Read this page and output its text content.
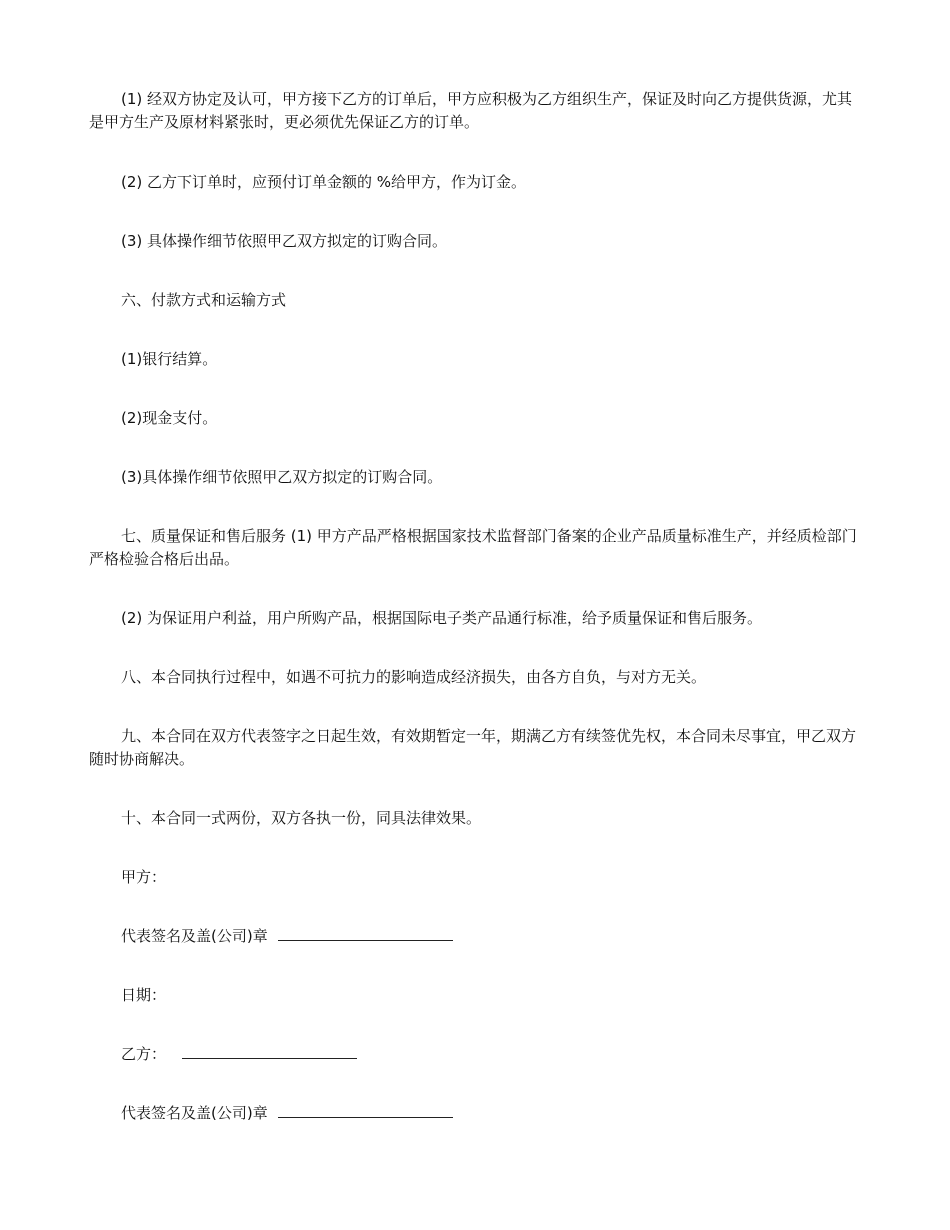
(1) 经双方协定及认可，甲方接下乙方的订单后，甲方应积极为乙方组织生产，保证及时向乙方提供货源，尤其是甲方生产及原材料紧张时，更必须优先保证乙方的订单。

(2) 乙方下订单时，应预付订单金额的 %给甲方，作为订金。

(3) 具体操作细节依照甲乙双方拟定的订购合同。

六、付款方式和运输方式

(1)银行结算。

(2)现金支付。

(3)具体操作细节依照甲乙双方拟定的订购合同。

七、质量保证和售后服务 (1) 甲方产品严格根据国家技术监督部门备案的企业产品质量标准生产，并经质检部门严格检验合格后出品。

(2) 为保证用户利益，用户所购产品，根据国际电子类产品通行标准，给予质量保证和售后服务。

八、本合同执行过程中，如遇不可抗力的影响造成经济损失，由各方自负，与对方无关。

九、本合同在双方代表签字之日起生效，有效期暂定一年，期满乙方有续签优先权，本合同未尽事宜，甲乙双方随时协商解决。

十、本合同一式两份，双方各执一份，同具法律效果。

甲方：

代表签名及盖(公司)章

日期：

乙方：

代表签名及盖(公司)章
